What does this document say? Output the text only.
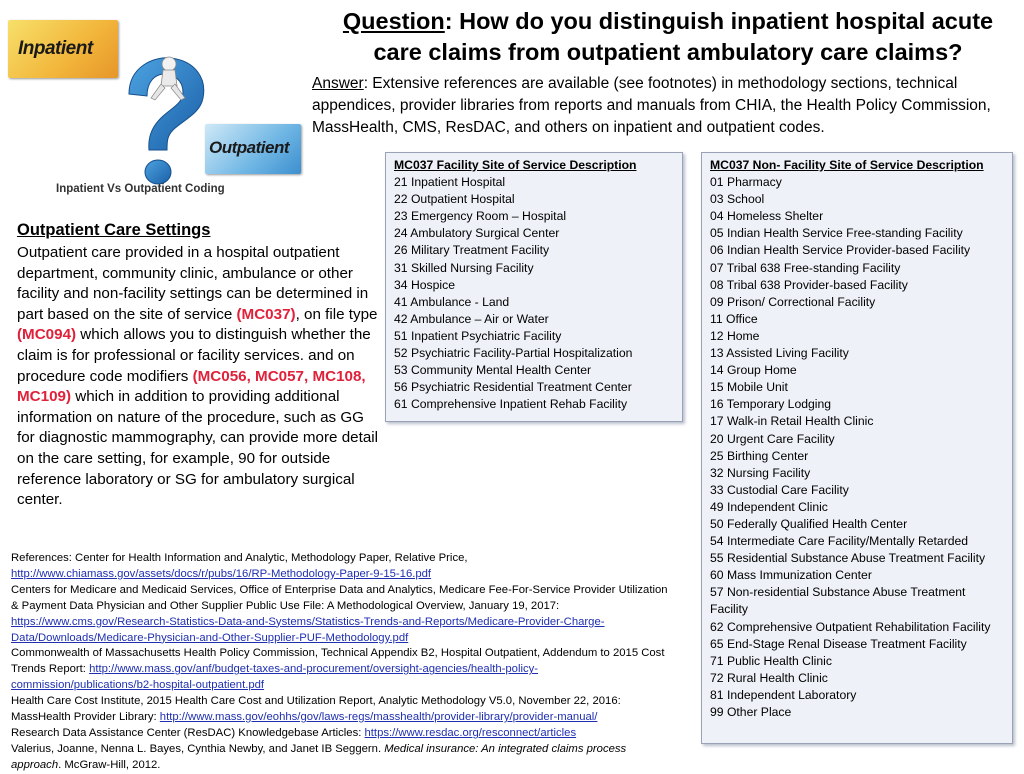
Inpatient
Outpatient
Inpatient Vs Outpatient Coding
Question: How do you distinguish inpatient hospital acute care claims from outpatient ambulatory care claims?
Answer: Extensive references are available (see footnotes) in methodology sections, technical appendices, provider libraries from reports and manuals from CHIA, the Health Policy Commission, MassHealth, CMS, ResDAC, and others on inpatient and outpatient codes.
Outpatient Care Settings
Outpatient care provided in a hospital outpatient department, community clinic, ambulance or other facility and non-facility settings can be determined in part based on the site of service (MC037), on file type (MC094) which allows you to distinguish whether the claim is for professional or facility services. and on procedure code modifiers (MC056, MC057, MC108, MC109) which in addition to providing additional information on nature of the procedure, such as GG for diagnostic mammography, can provide more detail on the care setting, for example, 90 for outside reference laboratory or SG for ambulatory surgical center.
MC037 Facility Site of Service Description
21 Inpatient Hospital
22 Outpatient Hospital
23 Emergency Room – Hospital
24 Ambulatory Surgical Center
26 Military Treatment Facility
31 Skilled Nursing Facility
34 Hospice
41 Ambulance - Land
42 Ambulance – Air or Water
51 Inpatient Psychiatric Facility
52 Psychiatric Facility-Partial Hospitalization
53 Community Mental Health Center
56 Psychiatric Residential Treatment Center
61 Comprehensive Inpatient Rehab Facility
MC037 Non- Facility Site of Service Description
01 Pharmacy
03 School
04 Homeless Shelter
05 Indian Health Service Free-standing Facility
06 Indian Health Service Provider-based Facility
07 Tribal 638 Free-standing Facility
08 Tribal 638 Provider-based Facility
09 Prison/ Correctional Facility
11 Office
12 Home
13 Assisted Living Facility
14 Group Home
15 Mobile Unit
16 Temporary Lodging
17 Walk-in Retail Health Clinic
20 Urgent Care Facility
25 Birthing Center
32 Nursing Facility
33 Custodial Care Facility
49 Independent Clinic
50 Federally Qualified Health Center
54 Intermediate Care Facility/Mentally Retarded
55 Residential Substance Abuse Treatment Facility
60 Mass Immunization Center
57 Non-residential Substance Abuse Treatment Facility
62 Comprehensive Outpatient Rehabilitation Facility
65 End-Stage Renal Disease Treatment Facility
71 Public Health Clinic
72 Rural Health Clinic
81 Independent Laboratory
99 Other Place
References: Center for Health Information and Analytic, Methodology Paper, Relative Price,
http://www.chiamass.gov/assets/docs/r/pubs/16/RP-Methodology-Paper-9-15-16.pdf
Centers for Medicare and Medicaid Services, Office of Enterprise Data and Analytics, Medicare Fee-For-Service Provider Utilization & Payment Data Physician and Other Supplier Public Use File: A Methodological Overview, January 19, 2017:
https://www.cms.gov/Research-Statistics-Data-and-Systems/Statistics-Trends-and-Reports/Medicare-Provider-Charge-Data/Downloads/Medicare-Physician-and-Other-Supplier-PUF-Methodology.pdf
Commonwealth of Massachusetts Health Policy Commission, Technical Appendix B2, Hospital Outpatient, Addendum to 2015 Cost Trends Report: http://www.mass.gov/anf/budget-taxes-and-procurement/oversight-agencies/health-policy-commission/publications/b2-hospital-outpatient.pdf
Health Care Cost Institute, 2015 Health Care Cost and Utilization Report, Analytic Methodology V5.0, November 22, 2016:
MassHealth Provider Library: http://www.mass.gov/eohhs/gov/laws-regs/masshealth/provider-library/provider-manual/
Research Data Assistance Center (ResDAC) Knowledgebase Articles: https://www.resdac.org/resconnect/articles
Valerius, Joanne, Nenna L. Bayes, Cynthia Newby, and Janet IB Seggern. Medical insurance: An integrated claims process approach. McGraw-Hill, 2012.
